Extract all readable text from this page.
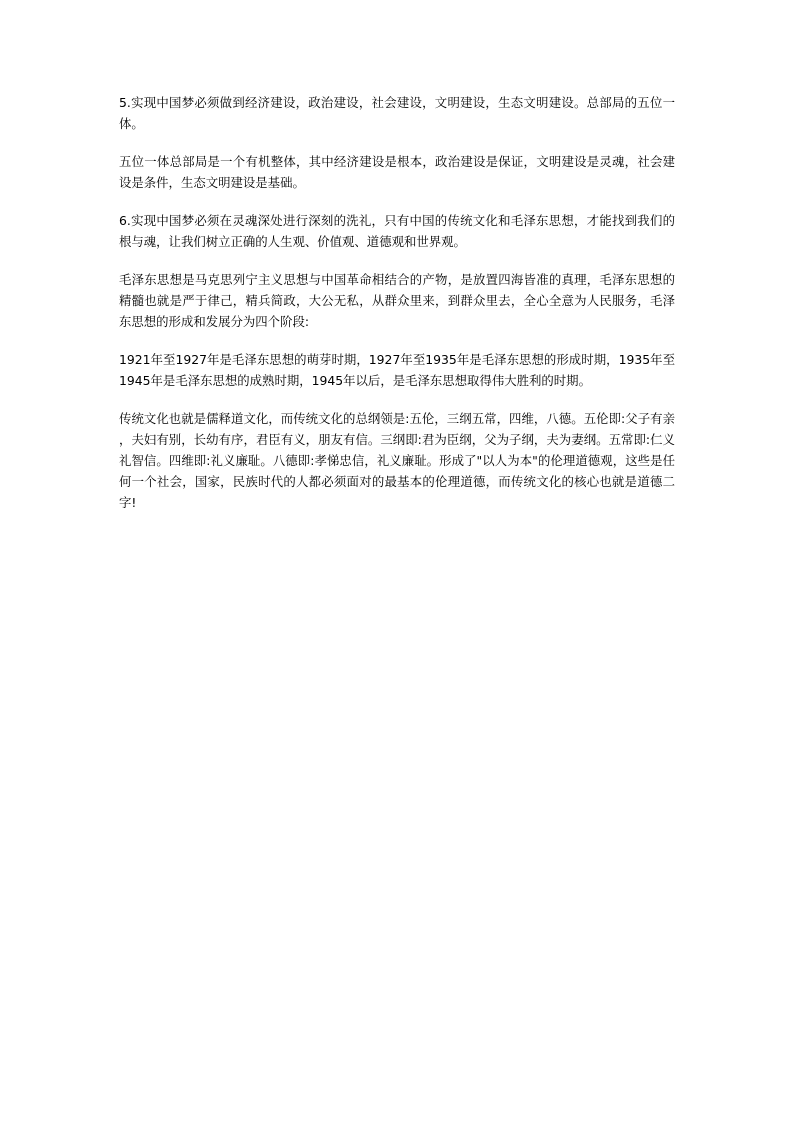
5.实现中国梦必须做到经济建设，政治建设，社会建设，文明建设，生态文明建设。总部局的五位一体。

五位一体总部局是一个有机整体，其中经济建设是根本，政治建设是保证，文明建设是灵魂，社会建设是条件，生态文明建设是基础。

6.实现中国梦必须在灵魂深处进行深刻的洗礼，只有中国的传统文化和毛泽东思想，才能找到我们的根与魂，让我们树立正确的人生观、价值观、道德观和世界观。

毛泽东思想是马克思列宁主义思想与中国革命相结合的产物，是放置四海皆准的真理，毛泽东思想的精髓也就是严于律己，精兵简政，大公无私，从群众里来，到群众里去，全心全意为人民服务，毛泽东思想的形成和发展分为四个阶段:

1921年至1927年是毛泽东思想的萌芽时期，1927年至1935年是毛泽东思想的形成时期，1935年至1945年是毛泽东思想的成熟时期，1945年以后，是毛泽东思想取得伟大胜利的时期。

传统文化也就是儒释道文化，而传统文化的总纲领是:五伦，三纲五常，四维，八德。五伦即:父子有亲，夫妇有别，长幼有序，君臣有义，朋友有信。三纲即:君为臣纲，父为子纲，夫为妻纲。五常即:仁义礼智信。四维即:礼义廉耻。八德即:孝悌忠信，礼义廉耻。形成了"以人为本"的伦理道德观，这些是任何一个社会，国家，民族时代的人都必须面对的最基本的伦理道德，而传统文化的核心也就是道德二字!
